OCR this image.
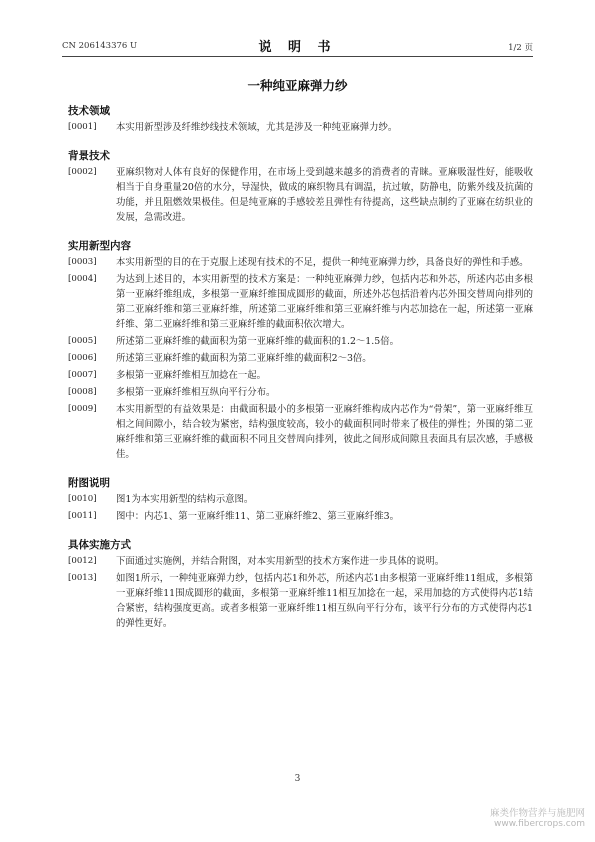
CN 206143376 U	说 明 书	1/2 页
一种纯亚麻弹力纱
技术领域
[0001]	本实用新型涉及纤维纱线技术领域，尤其是涉及一种纯亚麻弹力纱。
背景技术
[0002]	亚麻织物对人体有良好的保健作用，在市场上受到越来越多的消费者的青睐。亚麻吸湿性好，能吸收相当于自身重量20倍的水分，导湿快，做成的麻织物具有调温，抗过敏，防静电，防紫外线及抗菌的功能，并且阻燃效果极佳。但是纯亚麻的手感较差且弹性有待提高，这些缺点制约了亚麻在纺织业的发展，急需改进。
实用新型内容
[0003]	本实用新型的目的在于克服上述现有技术的不足，提供一种纯亚麻弹力纱，具备良好的弹性和手感。
[0004]	为达到上述目的，本实用新型的技术方案是：一种纯亚麻弹力纱，包括内芯和外芯，所述内芯由多根第一亚麻纤维组成，多根第一亚麻纤维围成圆形的截面，所述外芯包括沿着内芯外围交替周向排列的第二亚麻纤维和第三亚麻纤维，所述第二亚麻纤维和第三亚麻纤维与内芯加捻在一起，所述第一亚麻纤维、第二亚麻纤维和第三亚麻纤维的截面积依次增大。
[0005]	所述第二亚麻纤维的截面积为第一亚麻纤维的截面积的1.2～1.5倍。
[0006]	所述第三亚麻纤维的截面积为第二亚麻纤维的截面积2～3倍。
[0007]	多根第一亚麻纤维相互加捻在一起。
[0008]	多根第一亚麻纤维相互纵向平行分布。
[0009]	本实用新型的有益效果是：由截面积最小的多根第一亚麻纤维构成内芯作为“骨架”，第一亚麻纤维互相之间间隙小，结合较为紧密，结构强度较高，较小的截面积同时带来了极佳的弹性；外围的第二亚麻纤维和第三亚麻纤维的截面积不同且交替周向排列，彼此之间形成间隙且表面具有层次感，手感极佳。
附图说明
[0010]	图1为本实用新型的结构示意图。
[0011]	图中：内芯1、第一亚麻纤维11、第二亚麻纤维2、第三亚麻纤维3。
具体实施方式
[0012]	下面通过实施例，并结合附图，对本实用新型的技术方案作进一步具体的说明。
[0013]	如图1所示，一种纯亚麻弹力纱，包括内芯1和外芯，所述内芯1由多根第一亚麻纤维11组成，多根第一亚麻纤维11围成圆形的截面，多根第一亚麻纤维11相互加捻在一起，采用加捻的方式使得内芯1结合紧密，结构强度更高。或者多根第一亚麻纤维11相互纵向平行分布，该平行分布的方式使得内芯1的弹性更好。
3
麻类作物营养与施肥网
www.fibercrops.com
